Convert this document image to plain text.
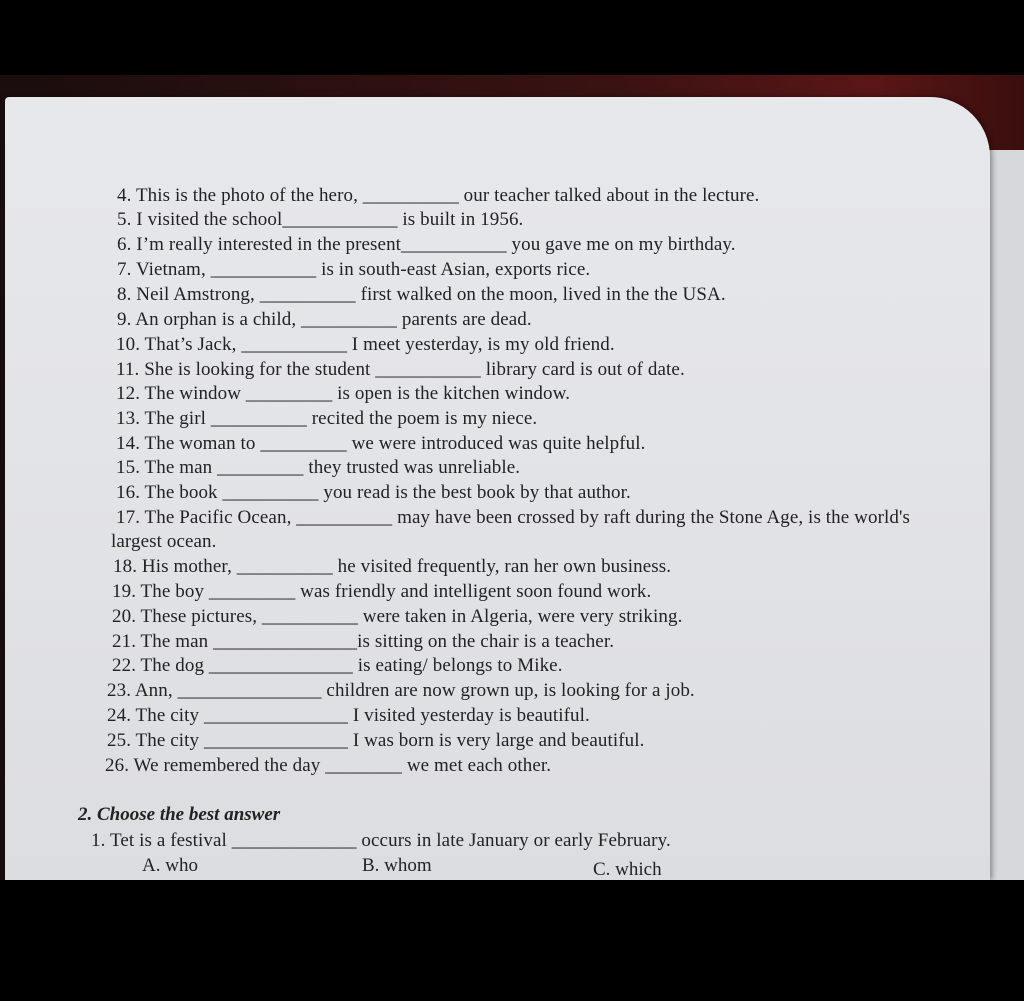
4. This is the photo of the hero, __________ our teacher talked about in the lecture.
5. I visited the school____________ is built in 1956.
6. I’m really interested in the present___________ you gave me on my birthday.
7. Vietnam, ___________ is in south-east Asian, exports rice.
8. Neil Amstrong, __________ first walked on the moon, lived in the the USA.
9. An orphan is a child, __________ parents are dead.
10. That’s Jack, ___________ I meet yesterday, is my old friend.
11. She is looking for the student ___________ library card is out of date.
12. The window _________ is open is the kitchen window.
13. The girl __________ recited the poem is my niece.
14. The woman to _________ we were introduced was quite helpful.
15. The man _________ they trusted was unreliable.
16. The book __________ you read is the best book by that author.
17. The Pacific Ocean, __________ may have been crossed by raft during the Stone Age, is the world's
largest ocean.
18. His mother, __________ he visited frequently, ran her own business.
19. The boy _________ was friendly and intelligent soon found work.
20. These pictures, __________ were taken in Algeria, were very striking.
21. The man _______________is sitting on the chair is a teacher.
22. The dog _______________ is eating/ belongs to Mike.
23. Ann, _______________ children are now grown up, is looking for a job.
24. The city _______________ I visited yesterday is beautiful.
25. The city _______________ I was born is very large and beautiful.
26. We remembered the day ________ we met each other.
2. Choose the best answer
1. Tet is a festival _____________ occurs in late January or early February.
A. who	B. whom	C. which
